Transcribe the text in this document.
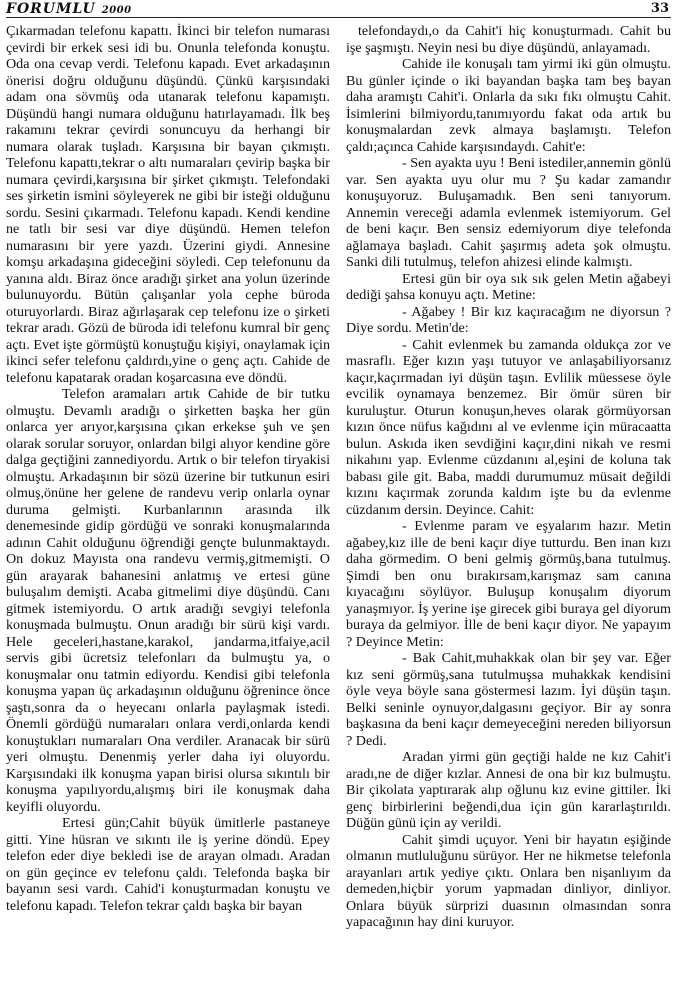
FORUMLU 2000	33

Çıkarmadan telefonu kapattı. İkinci bir telefon numarası çevirdi bir erkek sesi idi bu. Onunla telefonda konuştu. Oda ona cevap verdi. Telefonu kapadı. Evet arkadaşının önerisi doğru olduğunu düşündü. Çünkü karşısındaki adam ona sövmüş oda utanarak telefonu kapamıştı. Düşündü hangi numara olduğunu hatırlayamadı. İlk beş rakamını tekrar çevirdi sonuncuyu da herhangi bir numara olarak tuşladı. Karşısına bir bayan çıkmıştı. Telefonu kapattı,tekrar o altı numaraları çevirip başka bir numara çevirdi,karşısına bir şirket çıkmıştı. Telefondaki ses şirketin ismini söyleyerek ne gibi bir isteği olduğunu sordu. Sesini çıkarmadı. Telefonu kapadı. Kendi kendine ne tatlı bir sesi var diye düşündü. Hemen telefon numarasını bir yere yazdı. Üzerini giydi. Annesine komşu arkadaşına gideceğini söyledi. Cep telefonunu da yanına aldı. Biraz önce aradığı şirket ana yolun üzerinde bulunuyordu. Bütün çalışanlar yola cephe büroda oturuyorlardı. Biraz ağırlaşarak cep telefonu ize o şirketi tekrar aradı. Gözü de büroda idi telefonu kumral bir genç açtı. Evet işte görmüştü konuştuğu kişiyi, onaylamak için ikinci sefer telefonu çaldırdı,yine o genç açtı. Cahide de telefonu kapatarak oradan koşarcasına eve döndü.

Telefon aramaları artık Cahide de bir tutku olmuştu. Devamlı aradığı o şirketten başka her gün onlarca yer arıyor,karşısına çıkan erkekse şuh ve şen olarak sorular soruyor, onlardan bilgi alıyor kendine göre dalga geçtiğini zannediyordu. Artık o bir telefon tiryakisi olmuştu. Arkadaşının bir sözü üzerine bir tutkunun esiri olmuş,önüne her gelene de randevu verip onlarla oynar duruma gelmişti. Kurbanlarının arasında ilk denemesinde gidip gördüğü ve sonraki konuşmalarında adının Cahit olduğunu öğrendiği gençte bulunmaktaydı. On dokuz Mayısta ona randevu vermiş,gitmemişti. O gün arayarak bahanesini anlatmış ve ertesi güne buluşalım demişti. Acaba gitmelimi diye düşündü. Canı gitmek istemiyordu. O artık aradığı sevgiyi telefonla konuşmada bulmuştu. Onun aradığı bir sürü kişi vardı. Hele geceleri,hastane,karakol, jandarma,itfaiye,acil servis gibi ücretsiz telefonları da bulmuştu ya, o konuşmalar onu tatmin ediyordu. Kendisi gibi telefonla konuşma yapan üç arkadaşının olduğunu öğrenince önce şaştı,sonra da o heyecanı onlarla paylaşmak istedi. Önemli gördüğü numaraları onlara verdi,onlarda kendi konuştukları numaraları Ona verdiler. Aranacak bir sürü yeri olmuştu. Denenmiş yerler daha iyi oluyordu. Karşısındaki ilk konuşma yapan birisi olursa sıkıntılı bir konuşma yapılıyordu,alışmış biri ile konuşmak daha keyifli oluyordu.

Ertesi gün;Cahit büyük ümitlerle pastaneye gitti. Yine hüsran ve sıkıntı ile iş yerine döndü. Epey telefon eder diye bekledi ise de arayan olmadı. Aradan on gün geçince ev telefonu çaldı. Telefonda başka bir bayanın sesi vardı. Cahid'i konuşturmadan konuştu ve telefonu kapadı. Telefon tekrar çaldı başka bir bayan

telefondaydı,o da Cahit'i hiç konuşturmadı. Cahit bu işe şaşmıştı. Neyin nesi bu diye düşündü, anlayamadı.

Cahide ile konuşalı tam yirmi iki gün olmuştu. Bu günler içinde o iki bayandan başka tam beş bayan daha aramıştı Cahit'i. Onlarla da sıkı fıkı olmuştu Cahit. İsimlerini bilmiyordu,tanımıyordu fakat oda artık bu konuşmalardan zevk almaya başlamıştı. Telefon çaldı;açınca Cahide karşısındaydı. Cahit'e:

- Sen ayakta uyu ! Beni istediler,annemin gönlü var. Sen ayakta uyu olur mu ? Şu kadar zamandır konuşuyoruz. Buluşamadık. Ben seni tanıyorum. Annemin vereceği adamla evlenmek istemiyorum. Gel de beni kaçır. Ben sensiz edemiyorum diye telefonda ağlamaya başladı. Cahit şaşırmış adeta şok olmuştu. Sanki dili tutulmuş, telefon ahizesi elinde kalmıştı.

Ertesi gün bir oya sık sık gelen Metin ağabeyi dediği şahsa konuyu açtı. Metine:

- Ağabey ! Bir kız kaçıracağım ne diyorsun ? Diye sordu. Metin'de:

- Cahit evlenmek bu zamanda oldukça zor ve masraflı. Eğer kızın yaşı tutuyor ve anlaşabiliyorsanız kaçır,kaçırmadan iyi düşün taşın. Evlilik müessese öyle evcilik oynamaya benzemez. Bir ömür süren bir kuruluştur. Oturun konuşun,heves olarak görmüyorsan kızın önce nüfus kağıdını al ve evlenme için müracaatta bulun. Askıda iken sevdiğini kaçır,dini nikah ve resmi nikahını yap. Evlenme cüzdanını al,eşini de koluna tak babası gile git. Baba, maddi durumumuz müsait değildi kızını kaçırmak zorunda kaldım işte bu da evlenme cüzdanım dersin. Deyince. Cahit:

- Evlenme param ve eşyalarım hazır. Metin ağabey,kız ille de beni kaçır diye tutturdu. Ben inan kızı daha görmedim. O beni gelmiş görmüş,bana tutulmuş. Şimdi ben onu bırakırsam,karışmaz sam canına kıyacağını söylüyor. Buluşup konuşalım diyorum yanaşmıyor. İş yerine işe girecek gibi buraya gel diyorum buraya da gelmiyor. İlle de beni kaçır diyor. Ne yapayım ? Deyince Metin:

- Bak Cahit,muhakkak olan bir şey var. Eğer kız seni görmüş,sana tutulmuşsa muhakkak kendisini öyle veya böyle sana göstermesi lazım. İyi düşün taşın. Belki seninle oynuyor,dalgasını geçiyor. Bir ay sonra başkasına da beni kaçır demeyeceğini nereden biliyorsun ? Dedi.

Aradan yirmi gün geçtiği halde ne kız Cahit'i aradı,ne de diğer kızlar. Annesi de ona bir kız bulmuştu. Bir çikolata yaptırarak alıp oğlunu kız evine gittiler. İki genç birbirlerini beğendi,dua için gün kararlaştırıldı. Düğün günü için ay verildi.

Cahit şimdi uçuyor. Yeni bir hayatın eşiğinde olmanın mutluluğunu sürüyor. Her ne hikmetse telefonla arayanları artık yediye çıktı. Onlara ben nişanlıyım da demeden,hiçbir yorum yapmadan dinliyor, dinliyor. Onlara büyük sürprizi duasının olmasından sonra yapacağının hay dini kuruyor.
